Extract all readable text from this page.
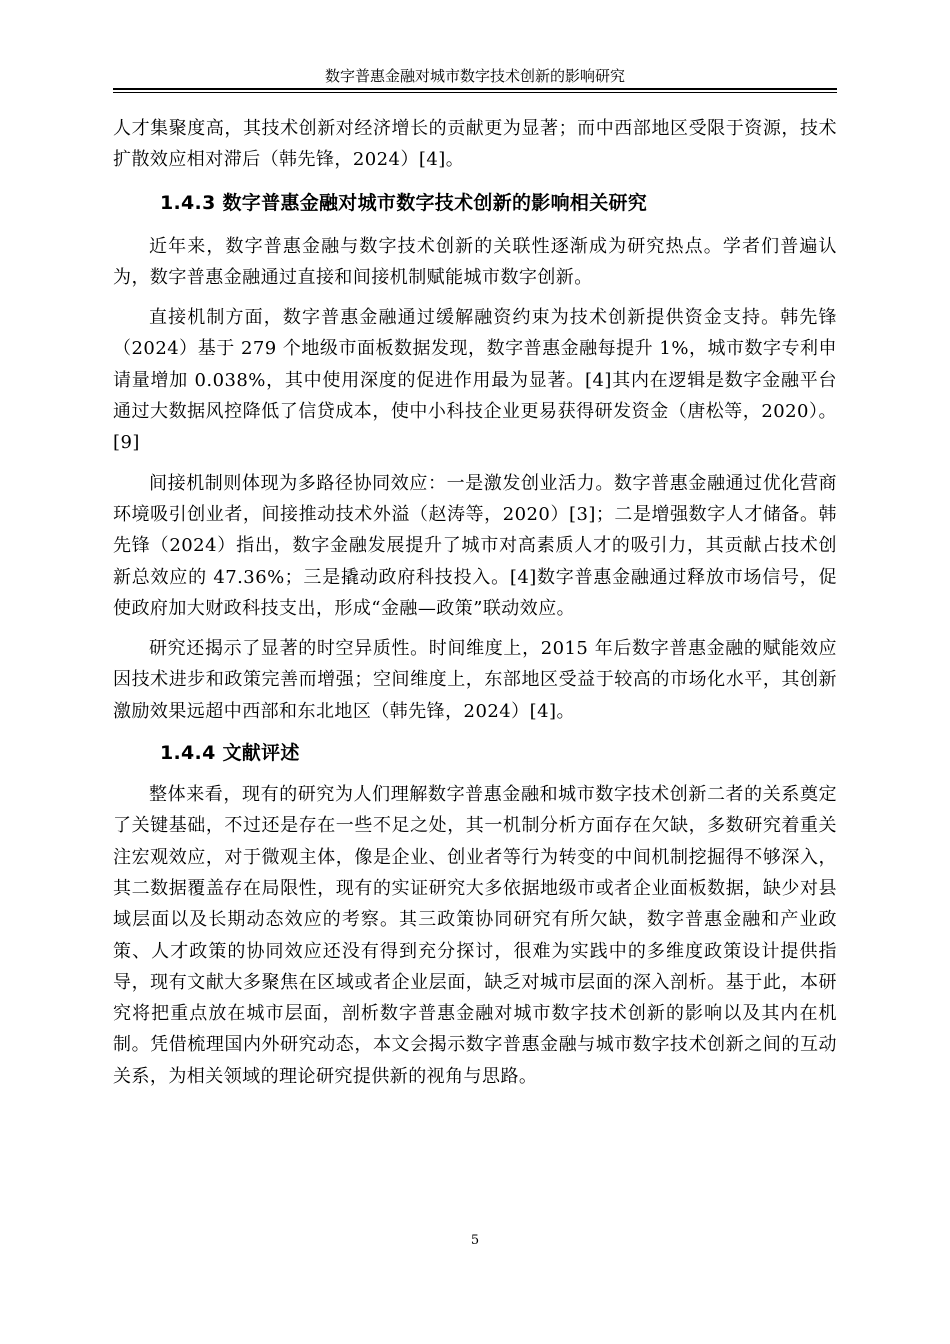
数字普惠金融对城市数字技术创新的影响研究

人才集聚度高，其技术创新对经济增长的贡献更为显著；而中西部地区受限于资源，技术扩散效应相对滞后（韩先锋，2024）[4]。

1.4.3 数字普惠金融对城市数字技术创新的影响相关研究

近年来，数字普惠金融与数字技术创新的关联性逐渐成为研究热点。学者们普遍认为，数字普惠金融通过直接和间接机制赋能城市数字创新。

直接机制方面，数字普惠金融通过缓解融资约束为技术创新提供资金支持。韩先锋（2024）基于 279 个地级市面板数据发现，数字普惠金融每提升 1%，城市数字专利申请量增加 0.038%，其中使用深度的促进作用最为显著。[4]其内在逻辑是数字金融平台通过大数据风控降低了信贷成本，使中小科技企业更易获得研发资金（唐松等，2020）。[9]

间接机制则体现为多路径协同效应：一是激发创业活力。数字普惠金融通过优化营商环境吸引创业者，间接推动技术外溢（赵涛等，2020）[3]；二是增强数字人才储备。韩先锋（2024）指出，数字金融发展提升了城市对高素质人才的吸引力，其贡献占技术创新总效应的 47.36%；三是撬动政府科技投入。[4]数字普惠金融通过释放市场信号，促使政府加大财政科技支出，形成“金融—政策”联动效应。

研究还揭示了显著的时空异质性。时间维度上，2015 年后数字普惠金融的赋能效应因技术进步和政策完善而增强；空间维度上，东部地区受益于较高的市场化水平，其创新激励效果远超中西部和东北地区（韩先锋，2024）[4]。

1.4.4 文献评述

整体来看，现有的研究为人们理解数字普惠金融和城市数字技术创新二者的关系奠定了关键基础，不过还是存在一些不足之处，其一机制分析方面存在欠缺，多数研究着重关注宏观效应，对于微观主体，像是企业、创业者等行为转变的中间机制挖掘得不够深入，其二数据覆盖存在局限性，现有的实证研究大多依据地级市或者企业面板数据，缺少对县域层面以及长期动态效应的考察。其三政策协同研究有所欠缺，数字普惠金融和产业政策、人才政策的协同效应还没有得到充分探讨，很难为实践中的多维度政策设计提供指导，现有文献大多聚焦在区域或者企业层面，缺乏对城市层面的深入剖析。基于此，本研究将把重点放在城市层面，剖析数字普惠金融对城市数字技术创新的影响以及其内在机制。凭借梳理国内外研究动态，本文会揭示数字普惠金融与城市数字技术创新之间的互动关系，为相关领域的理论研究提供新的视角与思路。

5
